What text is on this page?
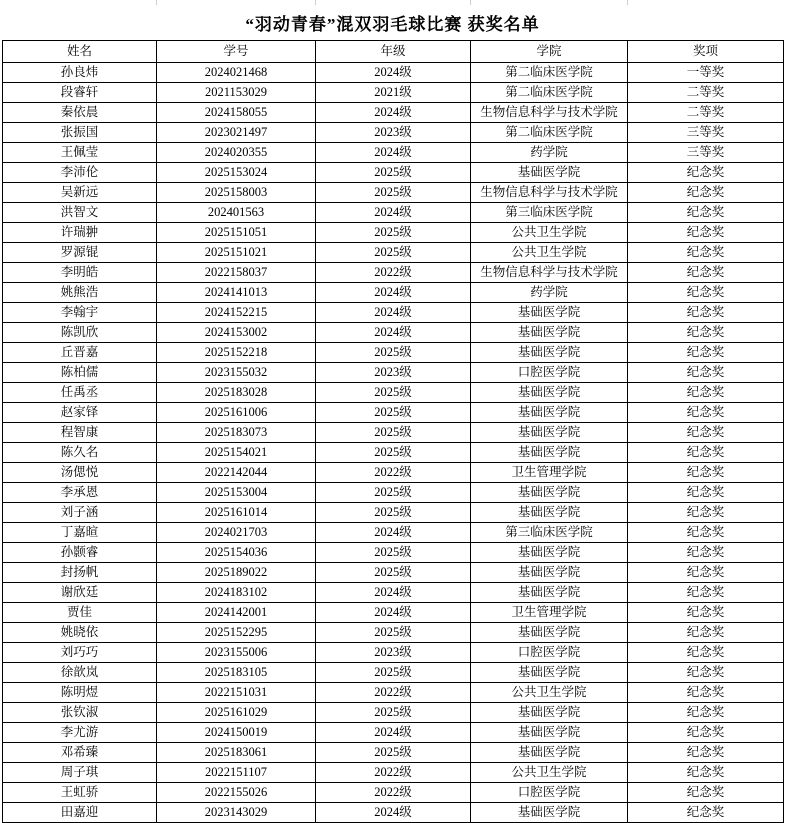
“羽动青春”混双羽毛球比赛 获奖名单
姓名	学号	年级	学院	奖项
孙良炜	2024021468	2024级	第二临床医学院	一等奖
段睿轩	2021153029	2021级	第二临床医学院	二等奖
秦依晨	2024158055	2024级	生物信息科学与技术学院	二等奖
张振国	2023021497	2023级	第二临床医学院	三等奖
王佩莹	2024020355	2024级	药学院	三等奖
李沛伦	2025153024	2025级	基础医学院	纪念奖
吴新远	2025158003	2025级	生物信息科学与技术学院	纪念奖
洪智文	202401563	2024级	第三临床医学院	纪念奖
许瑞翀	2025151051	2025级	公共卫生学院	纪念奖
罗源锟	2025151021	2025级	公共卫生学院	纪念奖
李明皓	2022158037	2022级	生物信息科学与技术学院	纪念奖
姚熊浩	2024141013	2024级	药学院	纪念奖
李翰宇	2024152215	2024级	基础医学院	纪念奖
陈凯欣	2024153002	2024级	基础医学院	纪念奖
丘晋嘉	2025152218	2025级	基础医学院	纪念奖
陈柏儒	2023155032	2023级	口腔医学院	纪念奖
任禹丞	2025183028	2025级	基础医学院	纪念奖
赵家铎	2025161006	2025级	基础医学院	纪念奖
程智康	2025183073	2025级	基础医学院	纪念奖
陈久名	2025154021	2025级	基础医学院	纪念奖
汤偲悦	2022142044	2022级	卫生管理学院	纪念奖
李承恩	2025153004	2025级	基础医学院	纪念奖
刘子涵	2025161014	2025级	基础医学院	纪念奖
丁嘉暄	2024021703	2024级	第三临床医学院	纪念奖
孙颢睿	2025154036	2025级	基础医学院	纪念奖
封扬帆	2025189022	2025级	基础医学院	纪念奖
谢欣廷	2024183102	2024级	基础医学院	纪念奖
贾佳	2024142001	2024级	卫生管理学院	纪念奖
姚晓依	2025152295	2025级	基础医学院	纪念奖
刘巧巧	2023155006	2023级	口腔医学院	纪念奖
徐歆岚	2025183105	2025级	基础医学院	纪念奖
陈明煜	2022151031	2022级	公共卫生学院	纪念奖
张钦淑	2025161029	2025级	基础医学院	纪念奖
李尤游	2024150019	2024级	基础医学院	纪念奖
邓希臻	2025183061	2025级	基础医学院	纪念奖
周子琪	2022151107	2022级	公共卫生学院	纪念奖
王虹骄	2022155026	2022级	口腔医学院	纪念奖
田嘉迎	2023143029	2024级	基础医学院	纪念奖
